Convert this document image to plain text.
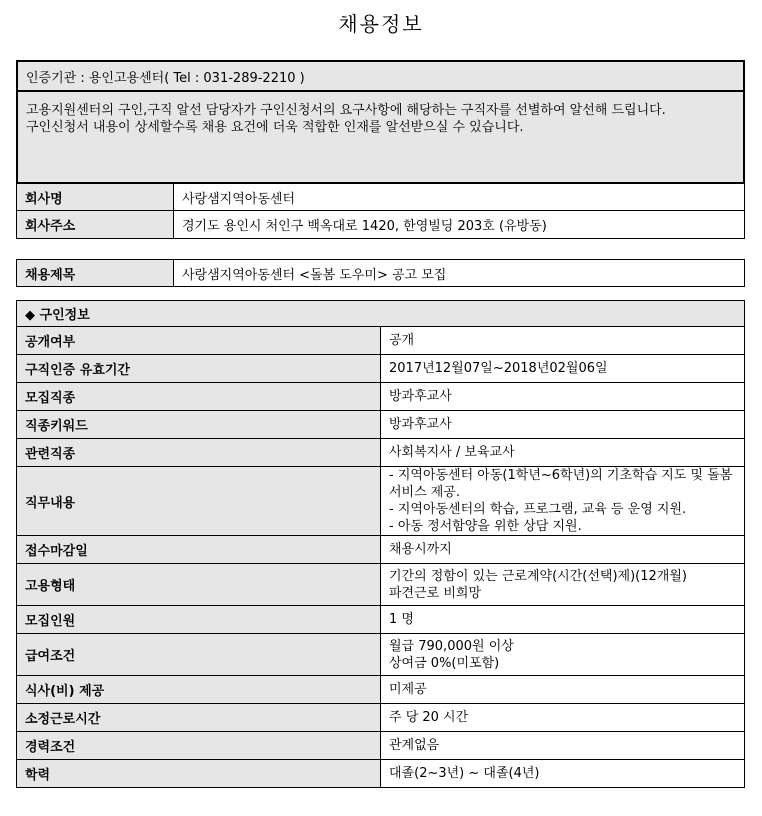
채용정보
인증기관 : 용인고용센터( Tel : 031-289-2210 )

고용지원센터의 구인,구직 알선 담당자가 구인신청서의 요구사항에 해당하는 구직자를 선별하여 알선해 드립니다.
구인신청서 내용이 상세할수록 채용 요건에 더욱 적합한 인재를 알선받으실 수 있습니다.
회사명	사랑샘지역아동센터
회사주소	경기도 용인시 처인구 백옥대로 1420, 한영빌딩 203호 (유방동)
채용제목	사랑샘지역아동센터 <돌봄 도우미> 공고 모집
◆ 구인정보	
공개여부	공개

구직인증 유효기간	2017년12월07일~2018년02월06일

모집직종	방과후교사

직종키워드	방과후교사

관련직종	사회복지사 / 보육교사

직무내용	- 지역아동센터 아동(1학년~6학년)의 기초학습 지도 및 돌봄서비스 제공.
- 지역아동센터의 학습, 프로그램, 교육 등 운영 지원.
- 아동 정서함양을 위한 상담 지원.

접수마감일	채용시까지

고용형태	기간의 정함이 있는 근로계약(시간(선택)제)(12개월)
파견근로 비희망

모집인원	1 명

급여조건	월급 790,000원 이상
상여금 0%(미포함)

식사(비) 제공	미제공

소정근로시간	주 당 20 시간

경력조건	관계없음

학력	대졸(2~3년) ~ 대졸(4년)
